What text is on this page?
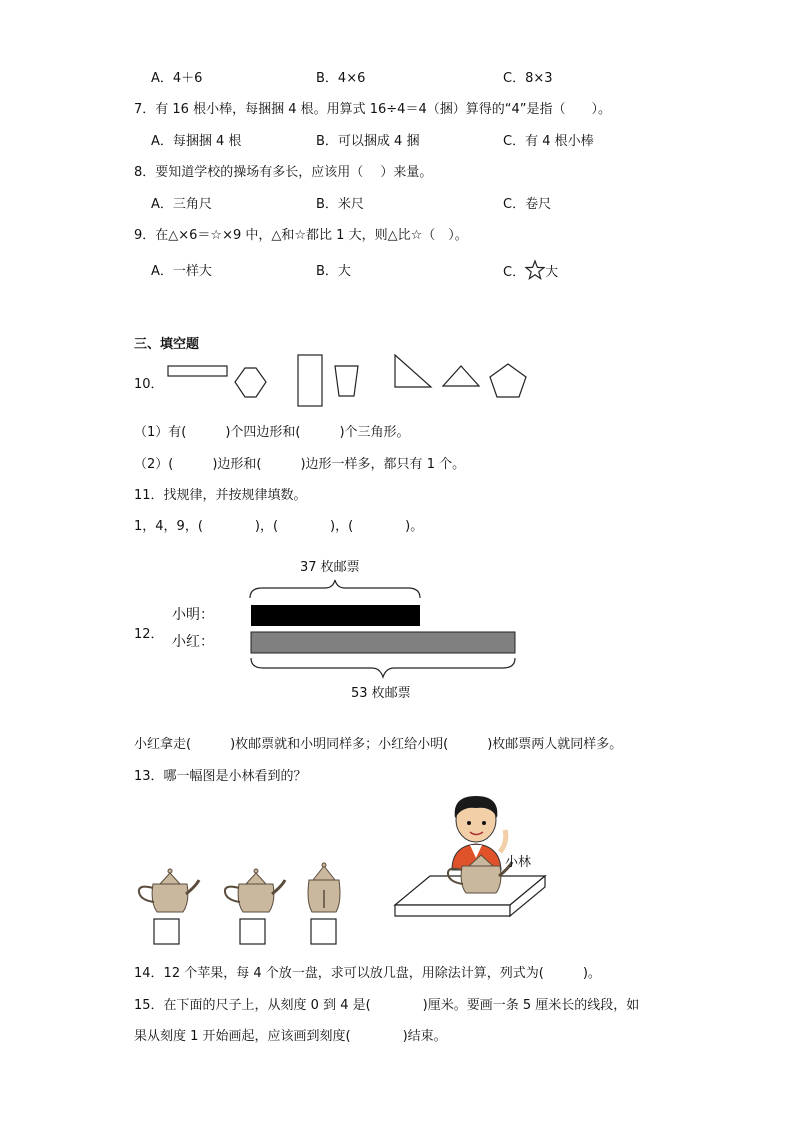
A．4＋6	B．4×6	C．8×3
7．有 16 根小棒，每捆捆 4 根。用算式 16÷4＝4（捆）算得的“4”是指（　　）。
A．每捆捆 4 根	B．可以捆成 4 捆	C．有 4 根小棒
8．要知道学校的操场有多长，应该用（　 ）来量。
A．三角尺	B．米尺	C．卷尺
9．在△×6＝☆×9 中，△和☆都比 1 大，则△比☆（　）。
A．一样大	B．大	C． 大
三、填空题
10．
（1）有(　　　)个四边形和(　　　)个三角形。
（2）(　　　)边形和(　　　)边形一样多，都只有 1 个。
11．找规律，并按规律填数。
1，4，9，(　　　　)，(　　　　)，(　　　　)。
37 枚邮票
小明：
12． 小红：
53 枚邮票
小红拿走(　　　)枚邮票就和小明同样多；小红给小明(　　　)枚邮票两人就同样多。
13．哪一幅图是小林看到的？
小林
14．12 个苹果，每 4 个放一盘，求可以放几盘，用除法计算，列式为(　　　)。
15．在下面的尺子上，从刻度 0 到 4 是(　　　　)厘米。要画一条 5 厘米长的线段，如
果从刻度 1 开始画起，应该画到刻度(　　　　)结束。
